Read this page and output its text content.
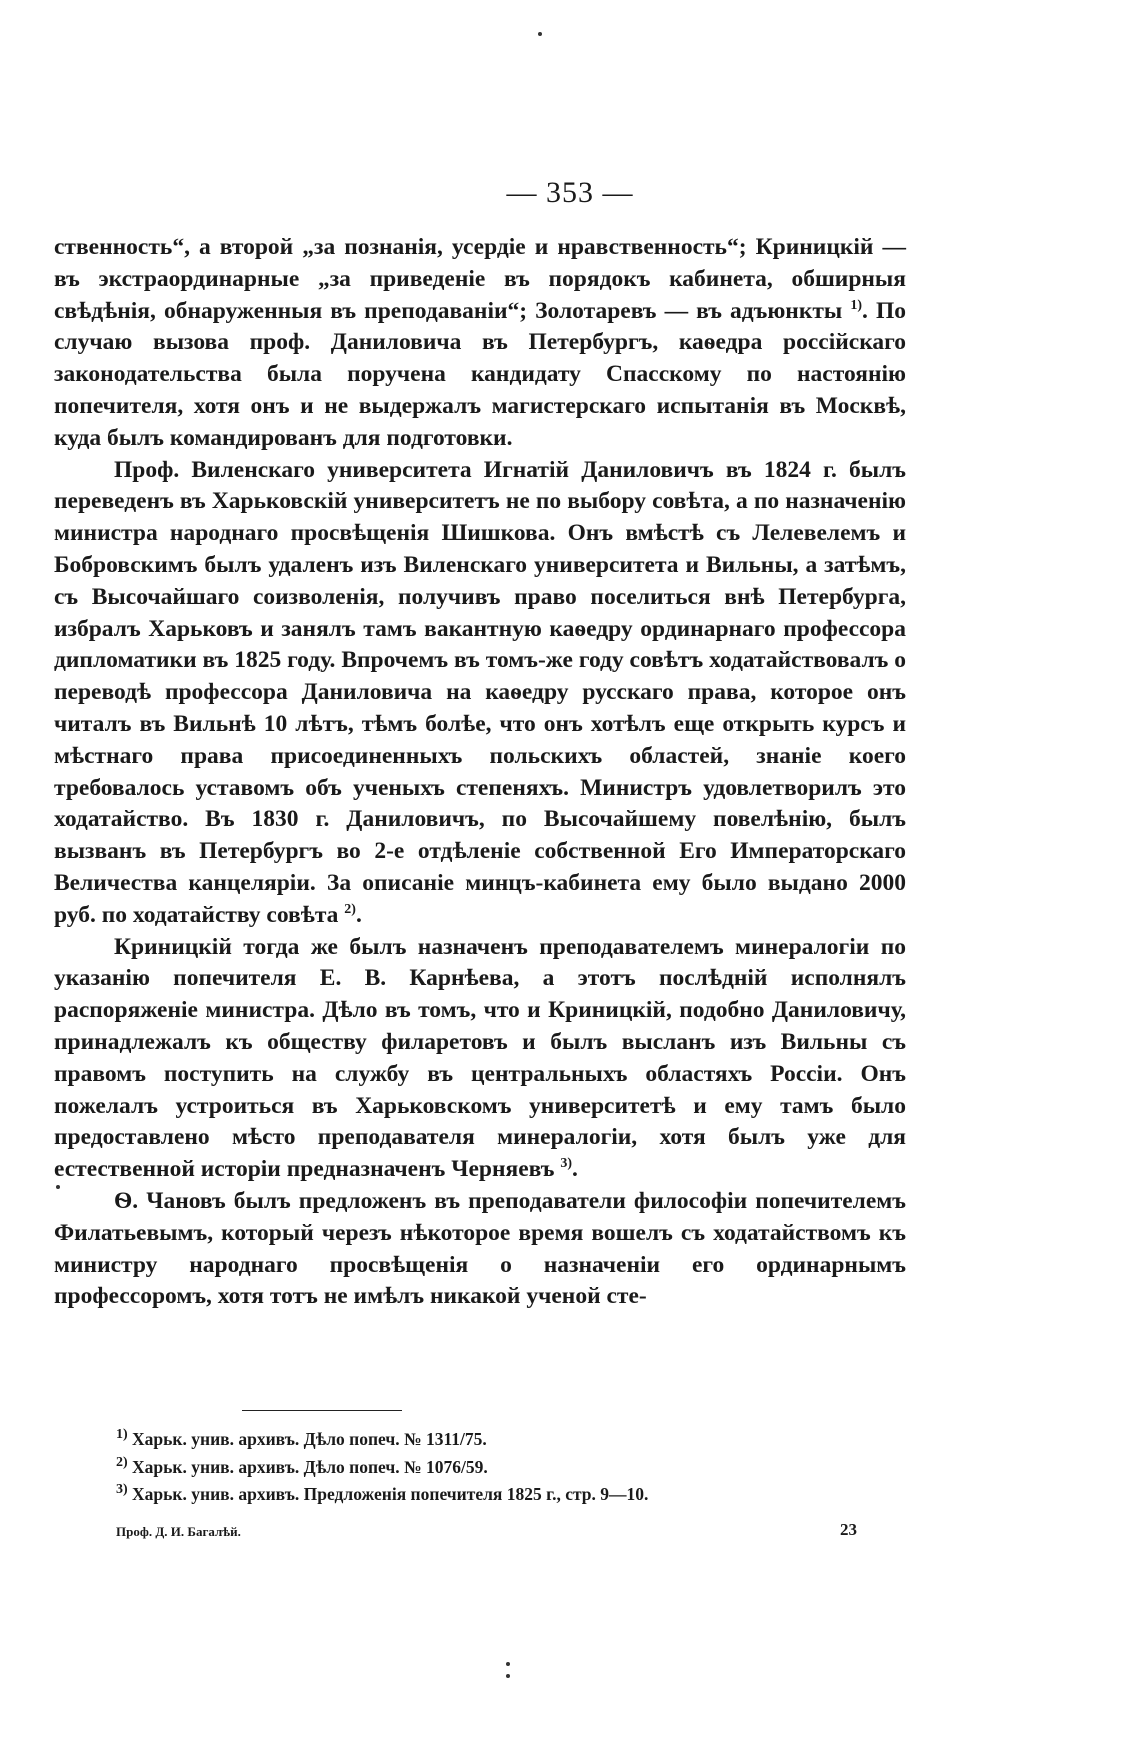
— 353 —

ственность“, а второй „за познанія, усердіе и нравственность“; Криницкій — въ экстраординарные „за приведеніе въ порядокъ кабинета, обширныя свѣдѣнія, обнаруженныя въ преподаваніи“; Золотаревъ — въ адъюнкты $^{1)}$. По случаю вызова проф. Даниловича въ Петербургъ, каѳедра россійскаго законодательства была поручена кандидату Спасскому по настоянію попечителя, хотя онъ и не выдержалъ магистерскаго испытанія въ Москвѣ, куда былъ командированъ для подготовки.

Проф. Виленскаго университета Игнатій Даниловичъ въ 1824 г. былъ переведенъ въ Харьковскій университетъ не по выбору совѣта, а по назначенію министра народнаго просвѣщенія Шишкова. Онъ вмѣстѣ съ Лелевелемъ и Бобровскимъ былъ удаленъ изъ Виленскаго университета и Вильны, а затѣмъ, съ Высочайшаго соизволенія, получивъ право поселиться внѣ Петербурга, избралъ Харьковъ и занялъ тамъ вакантную каѳедру ординарнаго профессора дипломатики въ 1825 году. Впрочемъ въ томъ-же году совѣтъ ходатайствовалъ о переводѣ профессора Даниловича на каѳедру русскаго права, которое онъ читалъ въ Вильнѣ 10 лѣтъ, тѣмъ болѣе, что онъ хотѣлъ еще открыть курсъ и мѣстнаго права присоединенныхъ польскихъ областей, знаніе коего требовалось уставомъ объ ученыхъ степеняхъ. Министръ удовлетворилъ это ходатайство. Въ 1830 г. Даниловичъ, по Высочайшему повелѣнію, былъ вызванъ въ Петербургъ во 2-е отдѣленіе собственной Его Императорскаго Величества канцеляріи. За описаніе минцъ-кабинета ему было выдано 2000 руб. по ходатайству совѣта $^{2)}$.

Криницкій тогда же былъ назначенъ преподавателемъ минералогіи по указанію попечителя Е. В. Карнѣева, а этотъ послѣдній исполнялъ распоряженіе министра. Дѣло въ томъ, что и Криницкій, подобно Даниловичу, принадлежалъ къ обществу филаретовъ и былъ высланъ изъ Вильны съ правомъ поступить на службу въ центральныхъ областяхъ Россіи. Онъ пожелалъ устроиться въ Харьковскомъ университетѣ и ему тамъ было предоставлено мѣсто преподавателя минералогіи, хотя былъ уже для естественной исторіи предназначенъ Черняевъ $^{3)}$.

Ѳ. Чановъ былъ предложенъ въ преподаватели философіи попечителемъ Филатьевымъ, который черезъ нѣкоторое время вошелъ съ ходатайствомъ къ министру народнаго просвѣщенія о назначеніи его ординарнымъ профессоромъ, хотя тотъ не имѣлъ никакой ученой сте-

$^{1)}$ Харьк. унив. архивъ. Дѣло попеч. № 1311/75.
$^{2)}$ Харьк. унив. архивъ. Дѣло попеч. № 1076/59.
$^{3)}$ Харьк. унив. архивъ. Предложенія попечителя 1825 г., стр. 9—10.
Проф. Д. И. Багалѣй.	23
